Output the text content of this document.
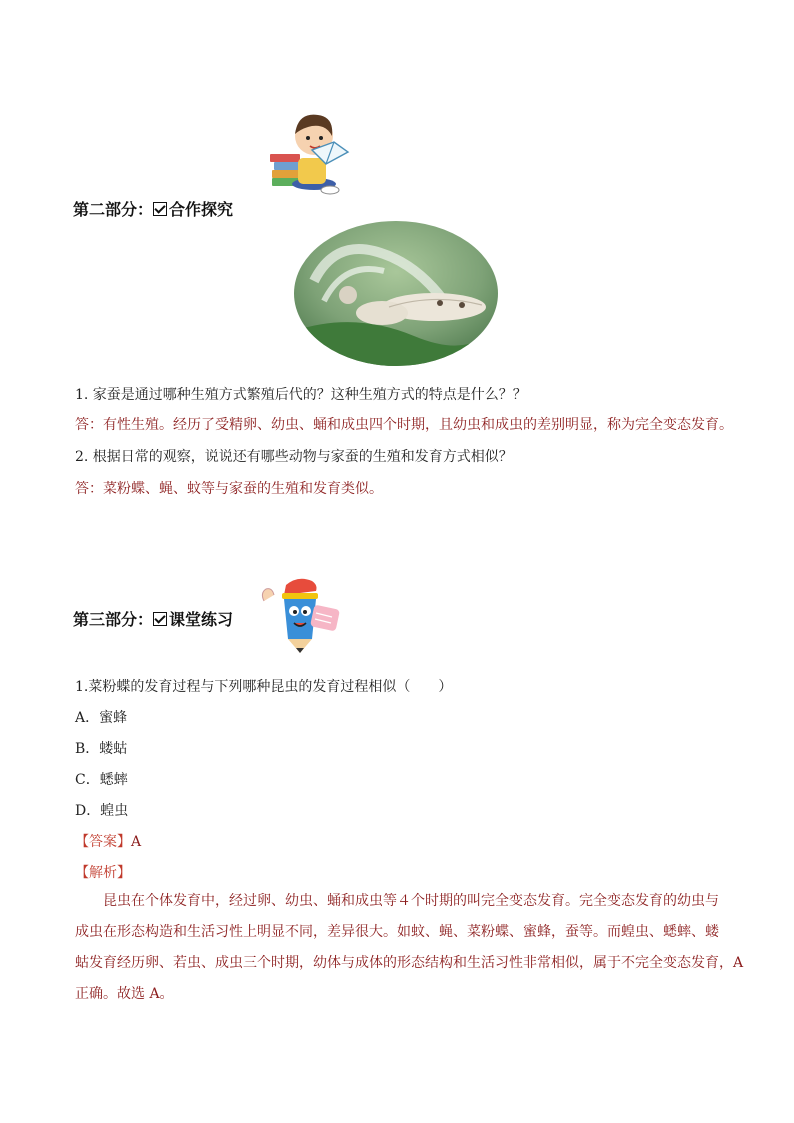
第二部分： 合作探究
1. 家蚕是通过哪种生殖方式繁殖后代的？这种生殖方式的特点是什么？？
答：有性生殖。经历了受精卵、幼虫、蛹和成虫四个时期，且幼虫和成虫的差别明显，称为完全变态发育。
2. 根据日常的观察，说说还有哪些动物与家蚕的生殖和发育方式相似？
答：菜粉蝶、蝇、蚊等与家蚕的生殖和发育类似。
第三部分： 课堂练习
1.菜粉蝶的发育过程与下列哪种昆虫的发育过程相似（　　）
A．蜜蜂
B．蝼蛄
C．蟋蟀
D．蝗虫
【答案】A
【解析】
　　昆虫在个体发育中，经过卵、幼虫、蛹和成虫等４个时期的叫完全变态发育。完全变态发育的幼虫与
成虫在形态构造和生活习性上明显不同，差异很大。如蚊、蝇、菜粉蝶、蜜蜂，蚕等。而蝗虫、蟋蟀、蝼
蛄发育经历卵、若虫、成虫三个时期，幼体与成体的形态结构和生活习性非常相似，属于不完全变态发育，A
正确。故选 A。
